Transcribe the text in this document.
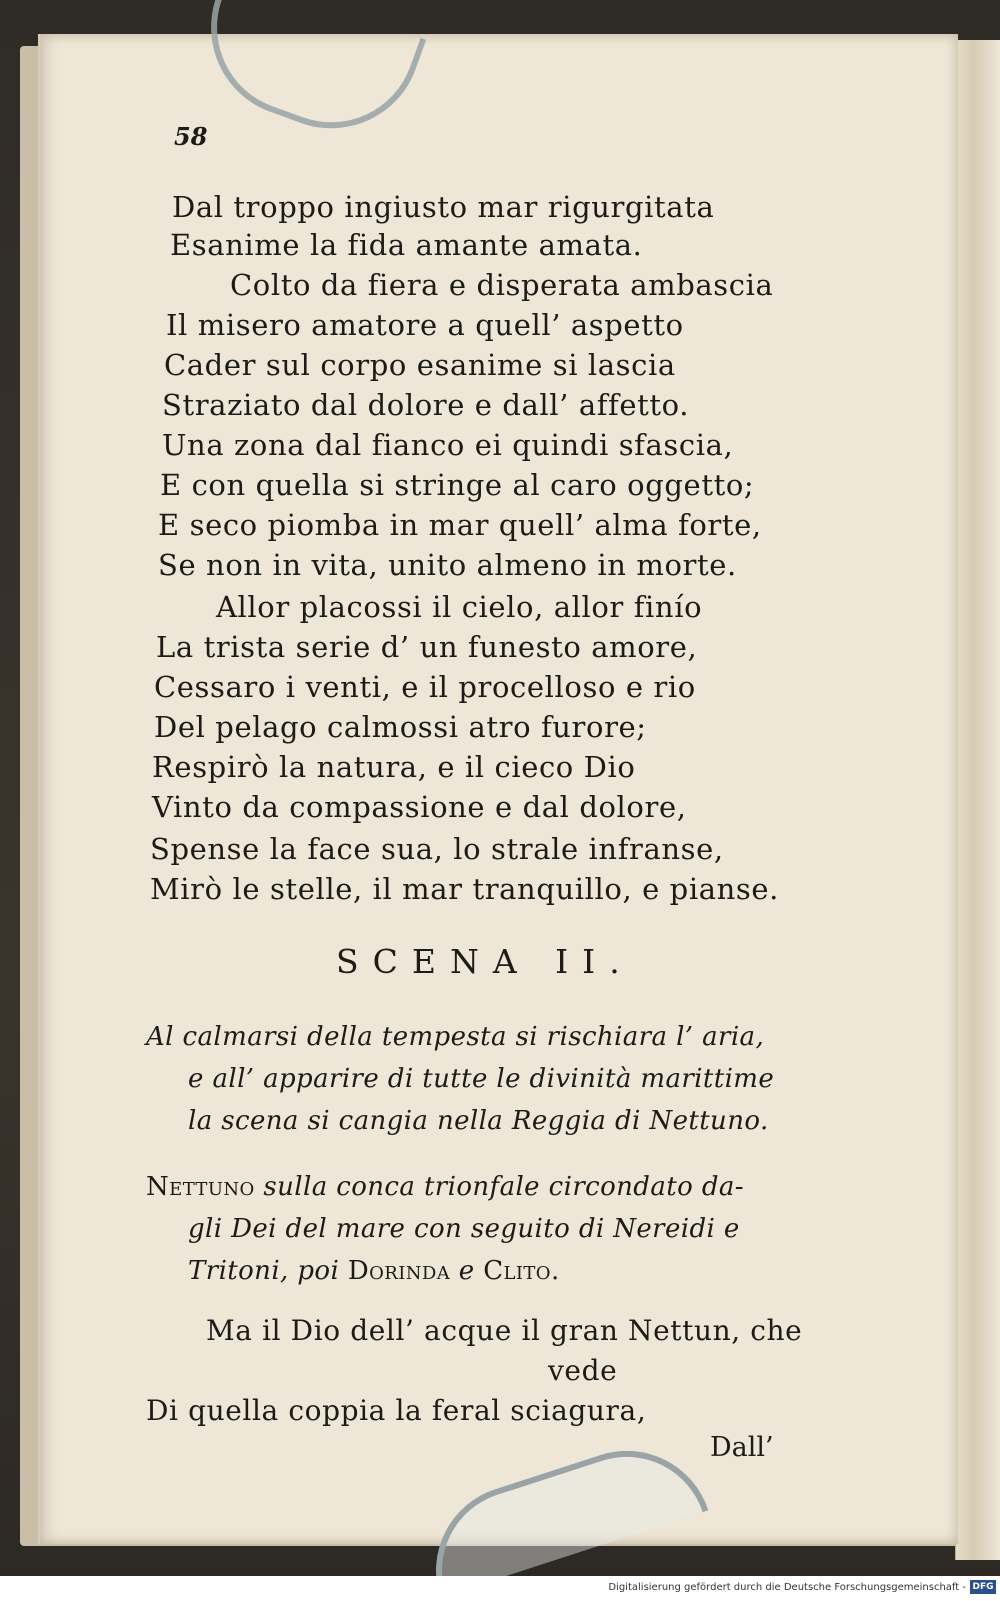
58
Dal troppo ingiusto mar rigurgitata
Esanime la fida amante amata.
Colto da fiera e disperata ambascia
Il misero amatore a quell’ aspetto
Cader sul corpo esanime si lascia
Straziato dal dolore e dall’ affetto.
Una zona dal fianco ei quindi sfascia,
E con quella si stringe al caro oggetto;
E seco piomba in mar quell’ alma forte,
Se non in vita, unito almeno in morte.
Allor placossi il cielo, allor finío
La trista serie d’ un funesto amore,
Cessaro i venti, e il procelloso e rio
Del pelago calmossi atro furore;
Respirò la natura, e il cieco Dio
Vinto da compassione e dal dolore,
Spense la face sua, lo strale infranse,
Mirò le stelle, il mar tranquillo, e pianse.
SCENA II.
Al calmarsi della tempesta si rischiara l’ aria,
e all’ apparire di tutte le divinità marittime
la scena si cangia nella Reggia di Nettuno.
Nettuno sulla conca trionfale circondato da-
gli Dei del mare con seguito di Nereidi e
Tritoni, poi Dorinda e Clito.
Ma il Dio dell’ acque il gran Nettun, che
vede
Di quella coppia la feral sciagura,
Dall’
Digitalisierung gefördert durch die Deutsche Forschungsgemeinschaft - DFG
